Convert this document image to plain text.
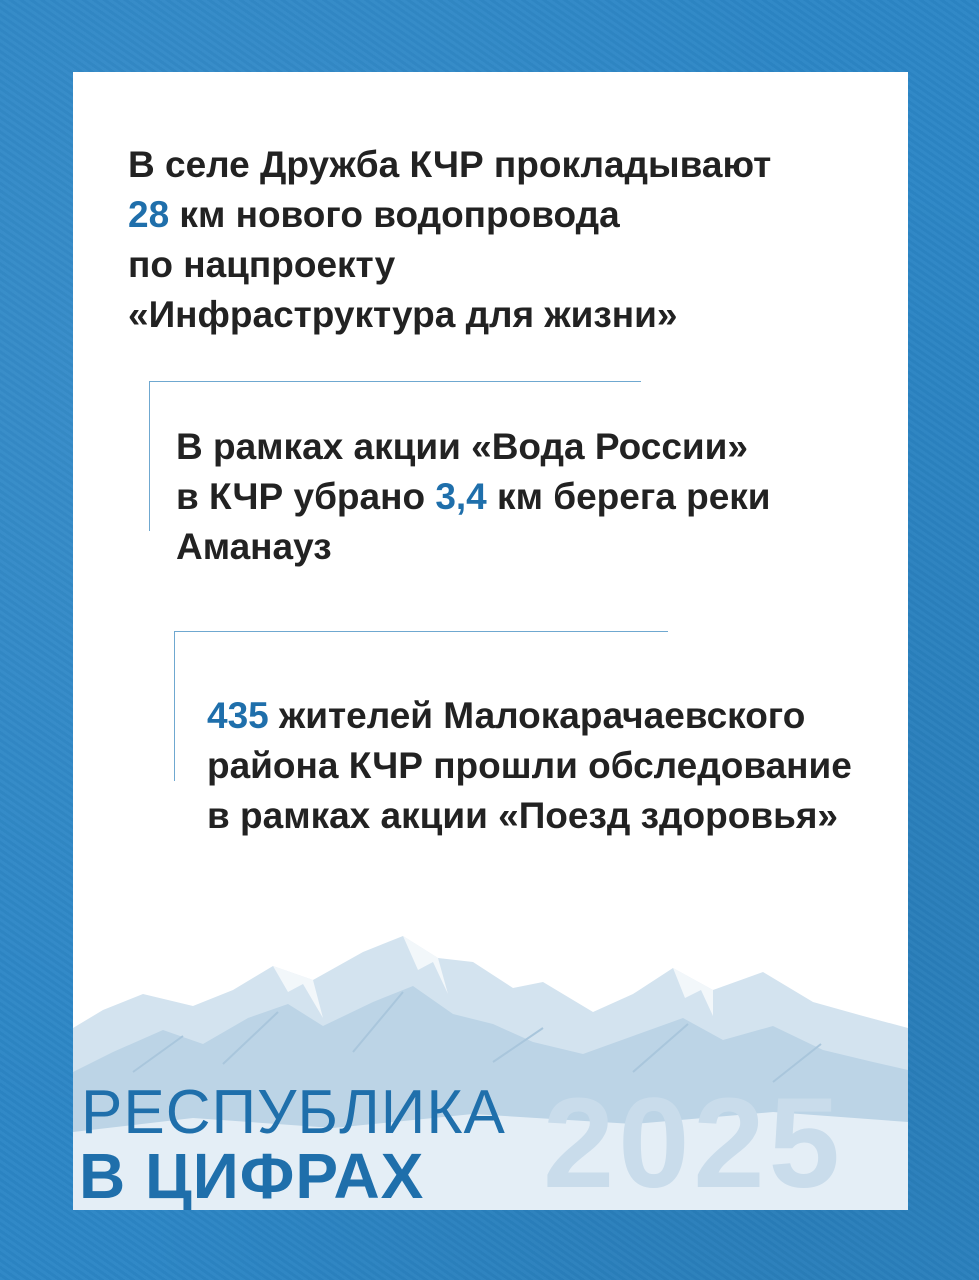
В селе Дружба КЧР прокладывают
28 км нового водопровода
по нацпроекту
«Инфраструктура для жизни»

В рамках акции «Вода России»
в КЧР убрано 3,4 км берега реки
Аманауз

435 жителей Малокарачаевского
района КЧР прошли обследование
в рамках акции «Поезд здоровья»

РЕСПУБЛИКА
В ЦИФРАХ 2025
